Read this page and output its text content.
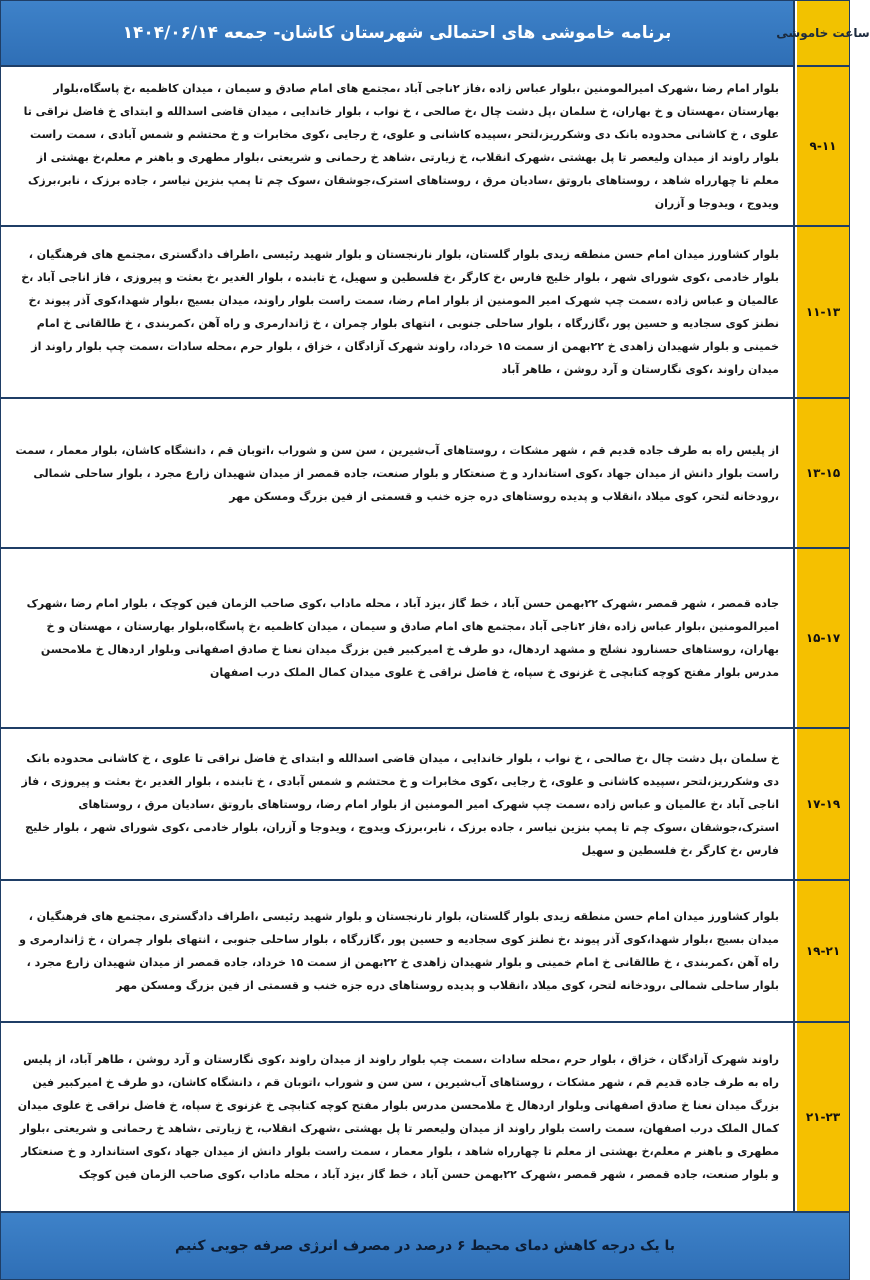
برنامه خاموشی های احتمالی شهرستان کاشان- جمعه ۱۴۰۴/۰۶/۱۴	ساعت خاموشی
بلوار امام رضا ،شهرک امیرالمومنین ،بلوار عباس زاده ،فاز ۲ناجی آباد ،مجتمع های امام صادق و سیمان ، میدان کاظمیه ،خ پاسگاه،بلوار بهارستان ،مهستان و خ بهاران، خ سلمان ،پل دشت چال ،خ صالحی ، خ نواب ، بلوار خاندایی ، میدان قاضی اسدالله و ابتدای خ فاضل نراقی تا علوی ، خ کاشانی محدوده بانک دی وشکرریز،لتحر ،سپیده کاشانی و علوی، خ رجایی ،کوی مخابرات و خ محتشم و شمس آبادی ، سمت راست بلوار راوند از میدان ولیعصر تا پل بهشتی ،شهرک انقلاب، خ زیارتی ،شاهد خ رحمانی و شریعتی ،بلوار مطهری و باهنر م معلم،خ بهشتی از معلم تا چهارراه شاهد ، روستاهای باروتق ،سادیان مرق ، روستاهای استرک،جوشقان ،سوک چم تا پمپ بنزین نیاسر ، جاده برزک ، نابر،برزک ویدوج ، ویدوجا و آزران
۹-۱۱
بلوار کشاورز میدان امام حسن منطقه زیدی بلوار گلستان، بلوار نارنجستان و بلوار شهید رئیسی ،اطراف دادگستری ،مجتمع های فرهنگیان ، بلوار خادمی ،کوی شورای شهر ، بلوار خلیج فارس ،خ کارگر ،خ فلسطین و سهیل، خ تابنده ، بلوار الغدیر ،خ بعثت و پیروزی ، فاز اناجی آباد ،خ عالمیان و عباس زاده ،سمت چپ شهرک امیر المومنین از بلوار امام رضا، سمت راست بلوار راوند، میدان بسیج ،بلوار شهدا،کوی آذر پیوند ،خ نطنز کوی سجادیه و حسین پور ،گازرگاه ، بلوار ساحلی جنوبی ، انتهای بلوار چمران ، خ ژاندارمری و راه آهن ،کمربندی ، خ طالقانی خ امام خمینی و بلوار شهیدان زاهدی خ ۲۲بهمن از سمت ۱۵ خرداد، راوند شهرک آزادگان ، خزاق ، بلوار حرم ،محله سادات ،سمت چپ بلوار راوند از میدان راوند ،کوی نگارستان و آرد روشن ، طاهر آباد
۱۱-۱۳
از پلیس راه به طرف جاده قدیم قم ، شهر مشکات ، روستاهای آب‌شیرین ، سن سن و شوراب ،اتوبان قم ، دانشگاه کاشان، بلوار معمار ، سمت راست بلوار دانش از میدان جهاد ،کوی استاندارد و خ صنعتکار و بلوار صنعت، جاده قمصر از میدان شهیدان زارع مجرد ، بلوار ساحلی شمالی ،رودخانه لتحر، کوی میلاد ،انقلاب و پدیده روستاهای دره جزه خنب و قسمتی از فین بزرگ ومسکن مهر
۱۳-۱۵
جاده قمصر ، شهر قمصر ،شهرک ۲۲بهمن حسن آباد ، خط گاز ،یزد آباد ، محله ماداب ،کوی صاحب الزمان فین کوچک ، بلوار امام رضا ،شهرک امیرالمومنین ،بلوار عباس زاده ،فاز ۲ناجی آباد ،مجتمع های امام صادق و سیمان ، میدان کاظمیه ،خ پاسگاه،بلوار بهارستان ، مهستان و خ بهاران، روستاهای حسنارود نشلج و مشهد اردهال، دو طرف خ امیرکبیر فین بزرگ میدان نعنا خ صادق اصفهانی وبلوار اردهال خ ملامحسن مدرس بلوار مفتح کوچه کتابچی خ غزنوی خ سپاه، خ فاضل نراقی خ علوی میدان کمال الملک درب اصفهان
۱۵-۱۷
خ سلمان ،پل دشت چال ،خ صالحی ، خ نواب ، بلوار خاندایی ، میدان قاضی اسدالله و ابتدای خ فاضل نراقی تا علوی ، خ کاشانی محدوده بانک دی وشکرریز،لتحر ،سپیده کاشانی و علوی، خ رجایی ،کوی مخابرات و خ محتشم و شمس آبادی ، خ تابنده ، بلوار الغدیر ،خ بعثت و پیروزی ، فاز اناجی آباد ،خ عالمیان و عباس زاده ،سمت چپ شهرک امیر المومنین از بلوار امام رضا، روستاهای باروتق ،سادیان مرق ، روستاهای استرک،جوشقان ،سوک چم تا پمپ بنزین نیاسر ، جاده برزک ، نابر،برزک ویدوج ، ویدوجا و آزران، بلوار خادمی ،کوی شورای شهر ، بلوار خلیج فارس ،خ کارگر ،خ فلسطین و سهیل
۱۷-۱۹
بلوار کشاورز میدان امام حسن منطقه زیدی بلوار گلستان، بلوار نارنجستان و بلوار شهید رئیسی ،اطراف دادگستری ،مجتمع های فرهنگیان ، میدان بسیج ،بلوار شهدا،کوی آذر پیوند ،خ نطنز کوی سجادیه و حسین پور ،گازرگاه ، بلوار ساحلی جنوبی ، انتهای بلوار چمران ، خ ژاندارمری و راه آهن ،کمربندی ، خ طالقانی خ امام خمینی و بلوار شهیدان زاهدی خ ۲۲بهمن از سمت ۱۵ خرداد، جاده قمصر از میدان شهیدان زارع مجرد ، بلوار ساحلی شمالی ،رودخانه لتحر، کوی میلاد ،انقلاب و پدیده روستاهای دره جزه خنب و قسمتی از فین بزرگ ومسکن مهر
۱۹-۲۱
راوند شهرک آزادگان ، خزاق ، بلوار حرم ،محله سادات ،سمت چپ بلوار راوند از میدان راوند ،کوی نگارستان و آرد روشن ، طاهر آباد، از پلیس راه به طرف جاده قدیم قم ، شهر مشکات ، روستاهای آب‌شیرین ، سن سن و شوراب ،اتوبان قم ، دانشگاه کاشان، دو طرف خ امیرکبیر فین بزرگ میدان نعنا خ صادق اصفهانی وبلوار اردهال خ ملامحسن مدرس بلوار مفتح کوچه کتابچی خ غزنوی خ سپاه، خ فاضل نراقی خ علوی میدان کمال الملک درب اصفهان، سمت راست بلوار راوند از میدان ولیعصر تا پل بهشتی ،شهرک انقلاب، خ زیارتی ،شاهد خ رحمانی و شریعتی ،بلوار مطهری و باهنر م معلم،خ بهشتی از معلم تا چهارراه شاهد ، بلوار معمار ، سمت راست بلوار دانش از میدان جهاد ،کوی استاندارد و خ صنعتکار و بلوار صنعت، جاده قمصر ، شهر قمصر ،شهرک ۲۲بهمن حسن آباد ، خط گاز ،یزد آباد ، محله ماداب ،کوی صاحب الزمان فین کوچک
۲۱-۲۳
با یک درجه کاهش دمای محیط ۶ درصد در مصرف انرژی صرفه جویی کنیم
